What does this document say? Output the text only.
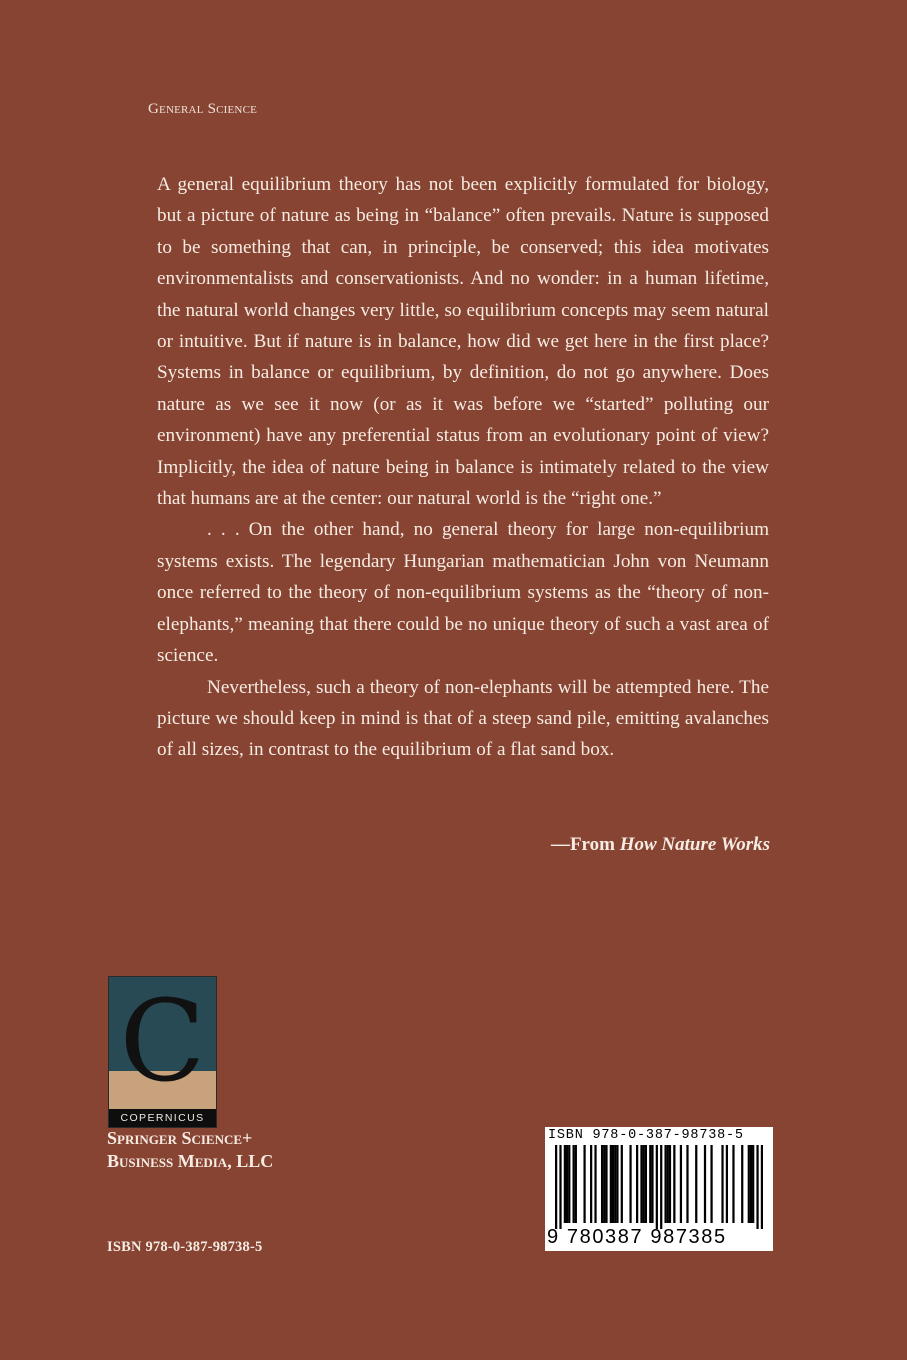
General Science

A general equilibrium theory has not been explicitly formulated for biology, but a picture of nature as being in “balance” often prevails. Nature is supposed to be something that can, in principle, be conserved; this idea motivates environmentalists and conservationists. And no wonder: in a human lifetime, the natural world changes very little, so equilibrium concepts may seem natural or intuitive. But if nature is in balance, how did we get here in the first place? Systems in balance or equilibrium, by definition, do not go anywhere. Does nature as we see it now (or as it was before we “started” polluting our environment) have any preferential status from an evolutionary point of view? Implicitly, the idea of nature being in balance is intimately related to the view that humans are at the center: our natural world is the “right one.”

. . . On the other hand, no general theory for large non-equilibrium systems exists. The legendary Hungarian mathematician John von Neumann once referred to the theory of non-equilibrium systems as the “theory of non-elephants,” meaning that there could be no unique theory of such a vast area of science.

Nevertheless, such a theory of non-elephants will be attempted here. The picture we should keep in mind is that of a steep sand pile, emitting avalanches of all sizes, in contrast to the equilibrium of a flat sand box.

—From How Nature Works
C
COPERNICUS
Springer Science+
Business Media, LLC
ISBN 978-0-387-98738-5
ISBN 978-0-387-98738-5
9 780387 987385
